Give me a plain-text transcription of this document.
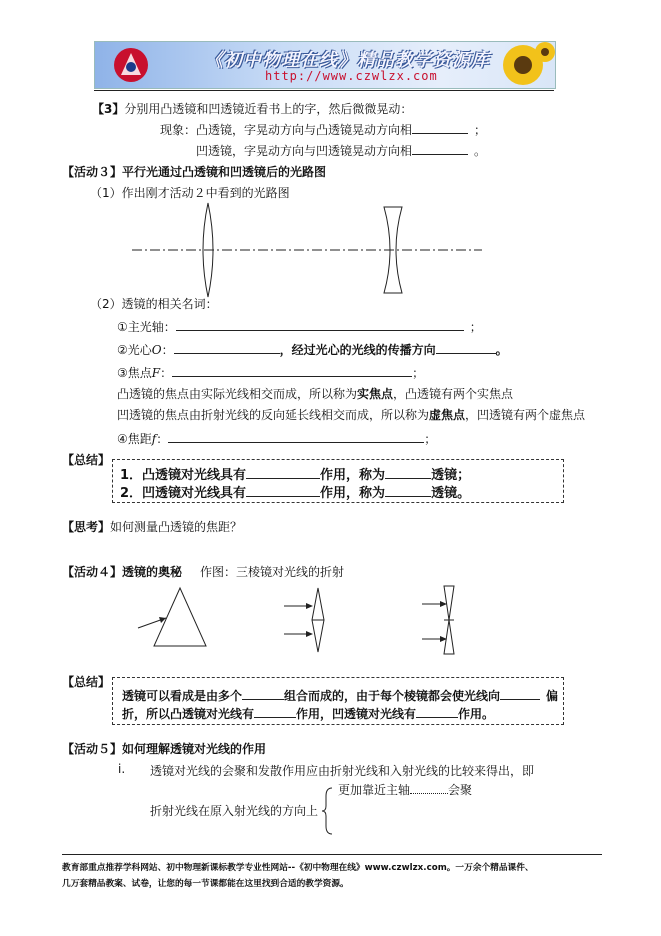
《初中物理在线》精品教学资源库
http://www.czwlzx.com
【3】分别用凸透镜和凹透镜近看书上的字，然后微微晃动：
现象：凸透镜，字晃动方向与凸透镜晃动方向相	；
凹透镜，字晃动方向与凹透镜晃动方向相	。
【活动３】平行光通过凸透镜和凹透镜后的光路图
（1）作出刚才活动２中看到的光路图
（2）透镜的相关名词：
①主光轴：	；
②光心O：	，经过光心的光线的传播方向	。
③焦点F：	；
凸透镜的焦点由实际光线相交而成，所以称为实焦点，凸透镜有两个实焦点
凹透镜的焦点由折射光线的反向延长线相交而成，所以称为虚焦点，凹透镜有两个虚焦点
④焦距f：	；
【总结】
1．凸透镜对光线具有	作用，称为	透镜；
2．凹透镜对光线具有	作用，称为	透镜。
【思考】如何测量凸透镜的焦距？
【活动４】透镜的奥秘 作图：三棱镜对光线的折射
【总结】
透镜可以看成是由多个	组合而成的，由于每个棱镜都会使光线向	偏
折，所以凸透镜对光线有	作用，凹透镜对光线有	作用。
【活动５】如何理解透镜对光线的作用
i. 透镜对光线的会聚和发散作用应由折射光线和入射光线的比较来得出，即
更加靠近主轴	会聚
折射光线在原入射光线的方向上
教育部重点推荐学科网站、初中物理新课标教学专业性网站--《初中物理在线》www.czwlzx.com。一万余个精品课件、
几万套精品教案、试卷，让您的每一节课都能在这里找到合适的教学资源。
